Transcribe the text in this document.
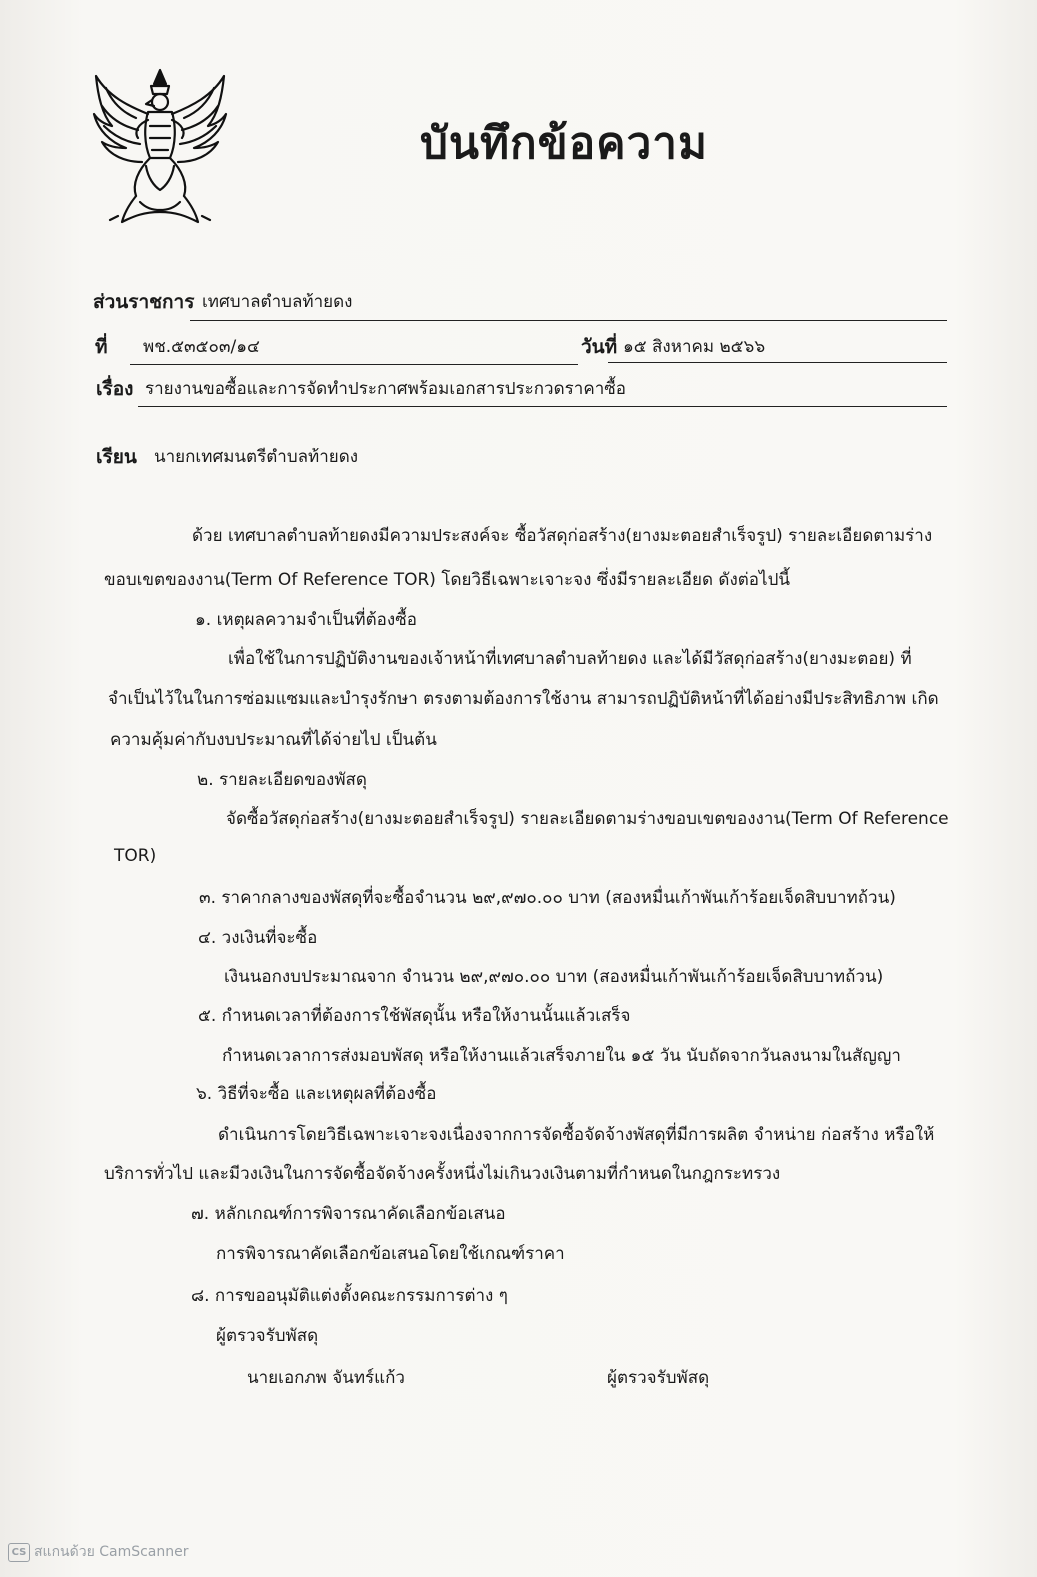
บันทึกข้อความ
ส่วนราชการ เทศบาลตำบลท้ายดง
ที่ พช.๕๓๕๐๓/๑๔	วันที่ ๑๕ สิงหาคม ๒๕๖๖
เรื่อง รายงานขอซื้อและการจัดทำประกาศพร้อมเอกสารประกวดราคาซื้อ
เรียน นายกเทศมนตรีตำบลท้ายดง
ด้วย เทศบาลตำบลท้ายดงมีความประสงค์จะ ซื้อวัสดุก่อสร้าง(ยางมะตอยสำเร็จรูป) รายละเอียดตามร่าง
ขอบเขตของงาน(Term Of Reference TOR) โดยวิธีเฉพาะเจาะจง ซึ่งมีรายละเอียด ดังต่อไปนี้
๑. เหตุผลความจำเป็นที่ต้องซื้อ
เพื่อใช้ในการปฏิบัติงานของเจ้าหน้าที่เทศบาลตำบลท้ายดง และได้มีวัสดุก่อสร้าง(ยางมะตอย) ที่
จำเป็นไว้ในในการซ่อมแซมและบำรุงรักษา ตรงตามต้องการใช้งาน สามารถปฏิบัติหน้าที่ได้อย่างมีประสิทธิภาพ เกิด
ความคุ้มค่ากับงบประมาณที่ได้จ่ายไป เป็นต้น
๒. รายละเอียดของพัสดุ
จัดซื้อวัสดุก่อสร้าง(ยางมะตอยสำเร็จรูป) รายละเอียดตามร่างขอบเขตของงาน(Term Of Reference
TOR)
๓. ราคากลางของพัสดุที่จะซื้อจำนวน ๒๙,๙๗๐.๐๐ บาท (สองหมื่นเก้าพันเก้าร้อยเจ็ดสิบบาทถ้วน)
๔. วงเงินที่จะซื้อ
เงินนอกงบประมาณจาก จำนวน ๒๙,๙๗๐.๐๐ บาท (สองหมื่นเก้าพันเก้าร้อยเจ็ดสิบบาทถ้วน)
๕. กำหนดเวลาที่ต้องการใช้พัสดุนั้น หรือให้งานนั้นแล้วเสร็จ
กำหนดเวลาการส่งมอบพัสดุ หรือให้งานแล้วเสร็จภายใน ๑๕ วัน นับถัดจากวันลงนามในสัญญา
๖. วิธีที่จะซื้อ และเหตุผลที่ต้องซื้อ
ดำเนินการโดยวิธีเฉพาะเจาะจงเนื่องจากการจัดซื้อจัดจ้างพัสดุที่มีการผลิต จำหน่าย ก่อสร้าง หรือให้
บริการทั่วไป และมีวงเงินในการจัดซื้อจัดจ้างครั้งหนึ่งไม่เกินวงเงินตามที่กำหนดในกฎกระทรวง
๗. หลักเกณฑ์การพิจารณาคัดเลือกข้อเสนอ
การพิจารณาคัดเลือกข้อเสนอโดยใช้เกณฑ์ราคา
๘. การขออนุมัติแต่งตั้งคณะกรรมการต่าง ๆ
ผู้ตรวจรับพัสดุ
นายเอกภพ จันทร์แก้ว	ผู้ตรวจรับพัสดุ
CS สแกนด้วย CamScanner
